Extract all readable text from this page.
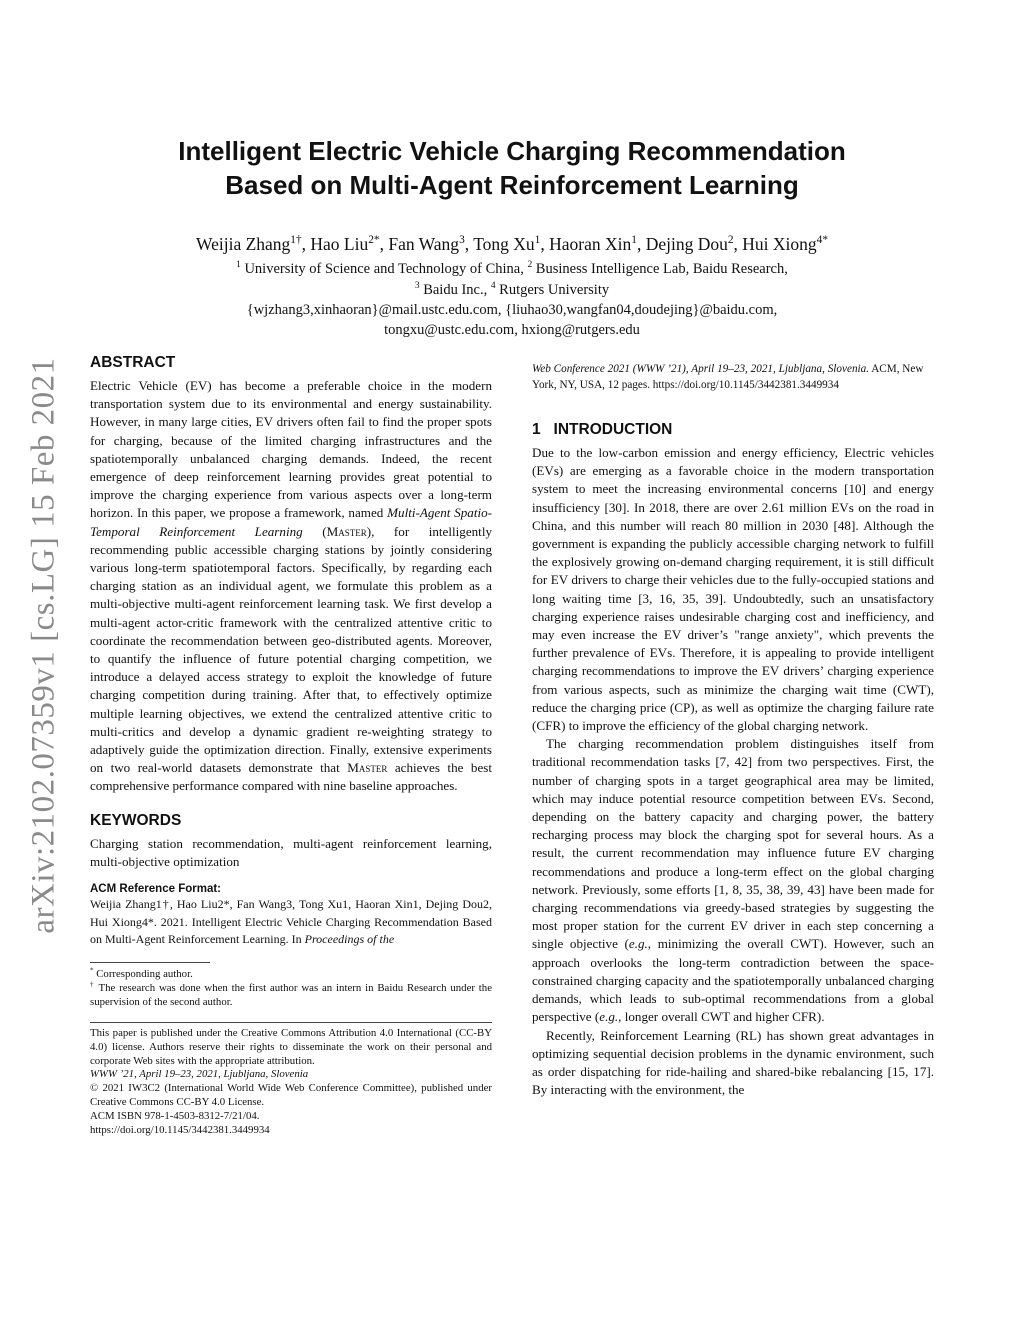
arXiv:2102.07359v1 [cs.LG] 15 Feb 2021
Intelligent Electric Vehicle Charging Recommendation
Based on Multi-Agent Reinforcement Learning
Weijia Zhang$^{1\dagger}$, Hao Liu$^{2*}$, Fan Wang$^3$, Tong Xu$^1$, Haoran Xin$^1$, Dejing Dou$^2$, Hui Xiong$^{4*}$
$^1$ University of Science and Technology of China, $^2$ Business Intelligence Lab, Baidu Research,
$^3$ Baidu Inc., $^4$ Rutgers University
{wjzhang3,xinhaoran}@mail.ustc.edu.com, {liuhao30,wangfan04,doudejing}@baidu.com,
tongxu@ustc.edu.com, hxiong@rutgers.edu
ABSTRACT

Electric Vehicle (EV) has become a preferable choice in the modern transportation system due to its environmental and energy sustainability. However, in many large cities, EV drivers often fail to find the proper spots for charging, because of the limited charging infrastructures and the spatiotemporally unbalanced charging demands. Indeed, the recent emergence of deep reinforcement learning provides great potential to improve the charging experience from various aspects over a long-term horizon. In this paper, we propose a framework, named Multi-Agent Spatio-Temporal Reinforcement Learning (Master), for intelligently recommending public accessible charging stations by jointly considering various long-term spatiotemporal factors. Specifically, by regarding each charging station as an individual agent, we formulate this problem as a multi-objective multi-agent reinforcement learning task. We first develop a multi-agent actor-critic framework with the centralized attentive critic to coordinate the recommendation between geo-distributed agents. Moreover, to quantify the influence of future potential charging competition, we introduce a delayed access strategy to exploit the knowledge of future charging competition during training. After that, to effectively optimize multiple learning objectives, we extend the centralized attentive critic to multi-critics and develop a dynamic gradient re-weighting strategy to adaptively guide the optimization direction. Finally, extensive experiments on two real-world datasets demonstrate that Master achieves the best comprehensive performance compared with nine baseline approaches.

KEYWORDS

Charging station recommendation, multi-agent reinforcement learning, multi-objective optimization

ACM Reference Format:

Weijia Zhang1†, Hao Liu2*, Fan Wang3, Tong Xu1, Haoran Xin1, Dejing Dou2, Hui Xiong4*. 2021. Intelligent Electric Vehicle Charging Recommendation Based on Multi-Agent Reinforcement Learning. In Proceedings of the

* Corresponding author.

† The research was done when the first author was an intern in Baidu Research under the supervision of the second author.

This paper is published under the Creative Commons Attribution 4.0 International (CC-BY 4.0) license. Authors reserve their rights to disseminate the work on their personal and corporate Web sites with the appropriate attribution.

WWW ’21, April 19–23, 2021, Ljubljana, Slovenia

© 2021 IW3C2 (International World Wide Web Conference Committee), published under Creative Commons CC-BY 4.0 License.

ACM ISBN 978-1-4503-8312-7/21/04.

https://doi.org/10.1145/3442381.3449934

Web Conference 2021 (WWW ’21), April 19–23, 2021, Ljubljana, Slovenia. ACM, New York, NY, USA, 12 pages. https://doi.org/10.1145/3442381.3449934

1 INTRODUCTION

Due to the low-carbon emission and energy efficiency, Electric vehicles (EVs) are emerging as a favorable choice in the modern transportation system to meet the increasing environmental concerns [10] and energy insufficiency [30]. In 2018, there are over 2.61 million EVs on the road in China, and this number will reach 80 million in 2030 [48]. Although the government is expanding the publicly accessible charging network to fulfill the explosively growing on-demand charging requirement, it is still difficult for EV drivers to charge their vehicles due to the fully-occupied stations and long waiting time [3, 16, 35, 39]. Undoubtedly, such an unsatisfactory charging experience raises undesirable charging cost and inefficiency, and may even increase the EV driver’s "range anxiety", which prevents the further prevalence of EVs. Therefore, it is appealing to provide intelligent charging recommendations to improve the EV drivers’ charging experience from various aspects, such as minimize the charging wait time (CWT), reduce the charging price (CP), as well as optimize the charging failure rate (CFR) to improve the efficiency of the global charging network.

The charging recommendation problem distinguishes itself from traditional recommendation tasks [7, 42] from two perspectives. First, the number of charging spots in a target geographical area may be limited, which may induce potential resource competition between EVs. Second, depending on the battery capacity and charging power, the battery recharging process may block the charging spot for several hours. As a result, the current recommendation may influence future EV charging recommendations and produce a long-term effect on the global charging network. Previously, some efforts [1, 8, 35, 38, 39, 43] have been made for charging recommendations via greedy-based strategies by suggesting the most proper station for the current EV driver in each step concerning a single objective (e.g., minimizing the overall CWT). However, such an approach overlooks the long-term contradiction between the space-constrained charging capacity and the spatiotemporally unbalanced charging demands, which leads to sub-optimal recommendations from a global perspective (e.g., longer overall CWT and higher CFR).

Recently, Reinforcement Learning (RL) has shown great advantages in optimizing sequential decision problems in the dynamic environment, such as order dispatching for ride-hailing and shared-bike rebalancing [15, 17]. By interacting with the environment, the
